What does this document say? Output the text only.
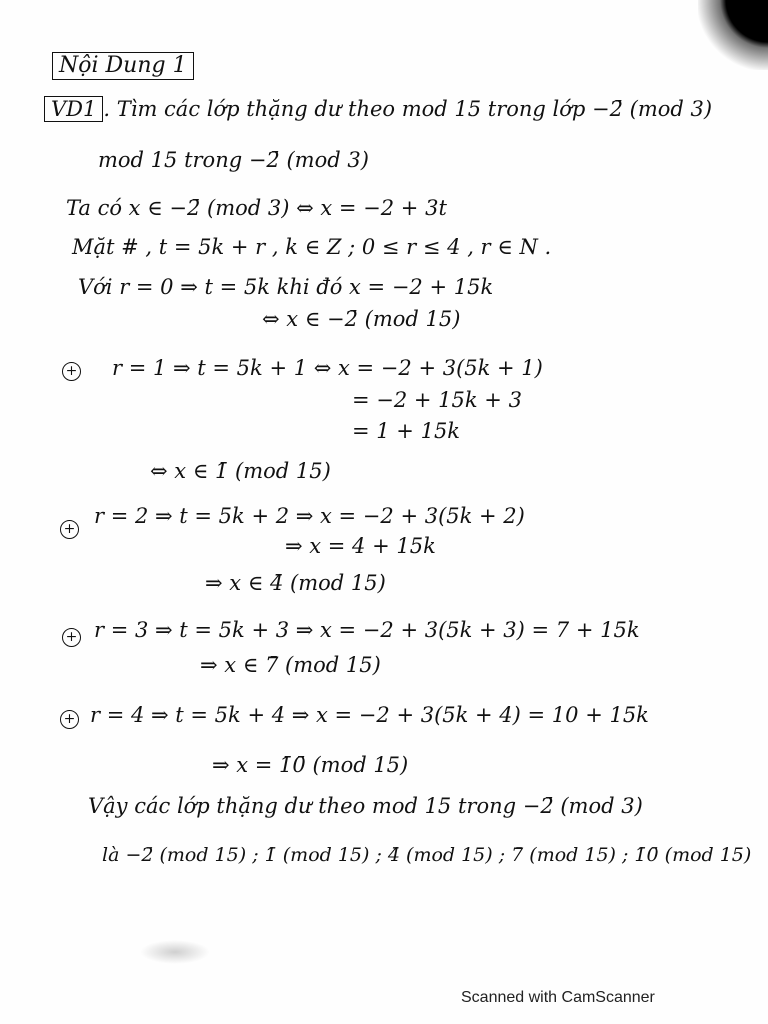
Nội Dung 1
VD1 . Tìm các lớp thặng dư theo mod 15 trong lớp −2̄ (mod 3)
mod 15 trong −2̄ (mod 3)
Ta có x ∈ −2̄ (mod 3) ⇔ x = −2 + 3t
Mặt # , t = 5k + r , k ∈ Z ; 0 ≤ r ≤ 4 , r ∈ N .
Với r = 0 ⇒ t = 5k khi đó x = −2 + 15k
⇔ x ∈ −2̄ (mod 15)
+ r = 1 ⇒ t = 5k + 1 ⇔ x = −2 + 3(5k + 1)
= −2 + 15k + 3
= 1 + 15k
⇔ x ∈ 1̄ (mod 15)
+
r = 2 ⇒ t = 5k + 2 ⇒ x = −2 + 3(5k + 2)
⇒ x = 4 + 15k
⇒ x ∈ 4̄ (mod 15)
+ r = 3 ⇒ t = 5k + 3 ⇒ x = −2 + 3(5k + 3) = 7 + 15k
⇒ x ∈ 7̄ (mod 15)
+ r = 4 ⇒ t = 5k + 4 ⇒ x = −2 + 3(5k + 4) = 10 + 15k
⇒ x = 1̄0̄ (mod 15)
Vậy các lớp thặng dư theo mod 15 trong −2̄ (mod 3)
là −2̄ (mod 15) ; 1̄ (mod 15) ; 4̄ (mod 15) ; 7̄ (mod 15) ; 1̄0̄ (mod 15)
Scanned with CamScanner
